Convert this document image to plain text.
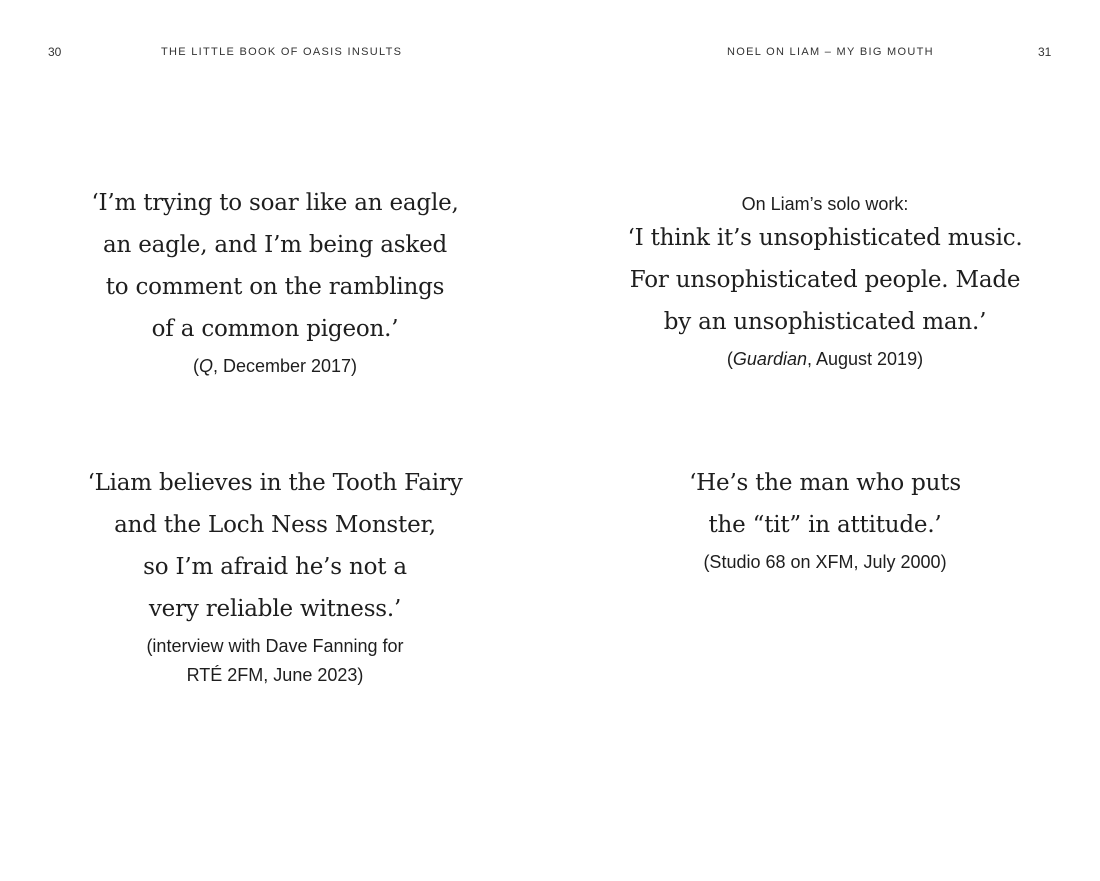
30	THE LITTLE BOOK OF OASIS INSULTS
‘I’m trying to soar like an eagle,
an eagle, and I’m being asked
to comment on the ramblings
of a common pigeon.’
(Q, December 2017)
‘Liam believes in the Tooth Fairy
and the Loch Ness Monster,
so I’m afraid he’s not a
very reliable witness.’
(interview with Dave Fanning for
RTÉ 2FM, June 2023)
NOEL ON LIAM – MY BIG MOUTH	31
On Liam’s solo work:
‘I think it’s unsophisticated music.
For unsophisticated people. Made
by an unsophisticated man.’
(Guardian, August 2019)
‘He’s the man who puts
the “tit” in attitude.’
(Studio 68 on XFM, July 2000)
